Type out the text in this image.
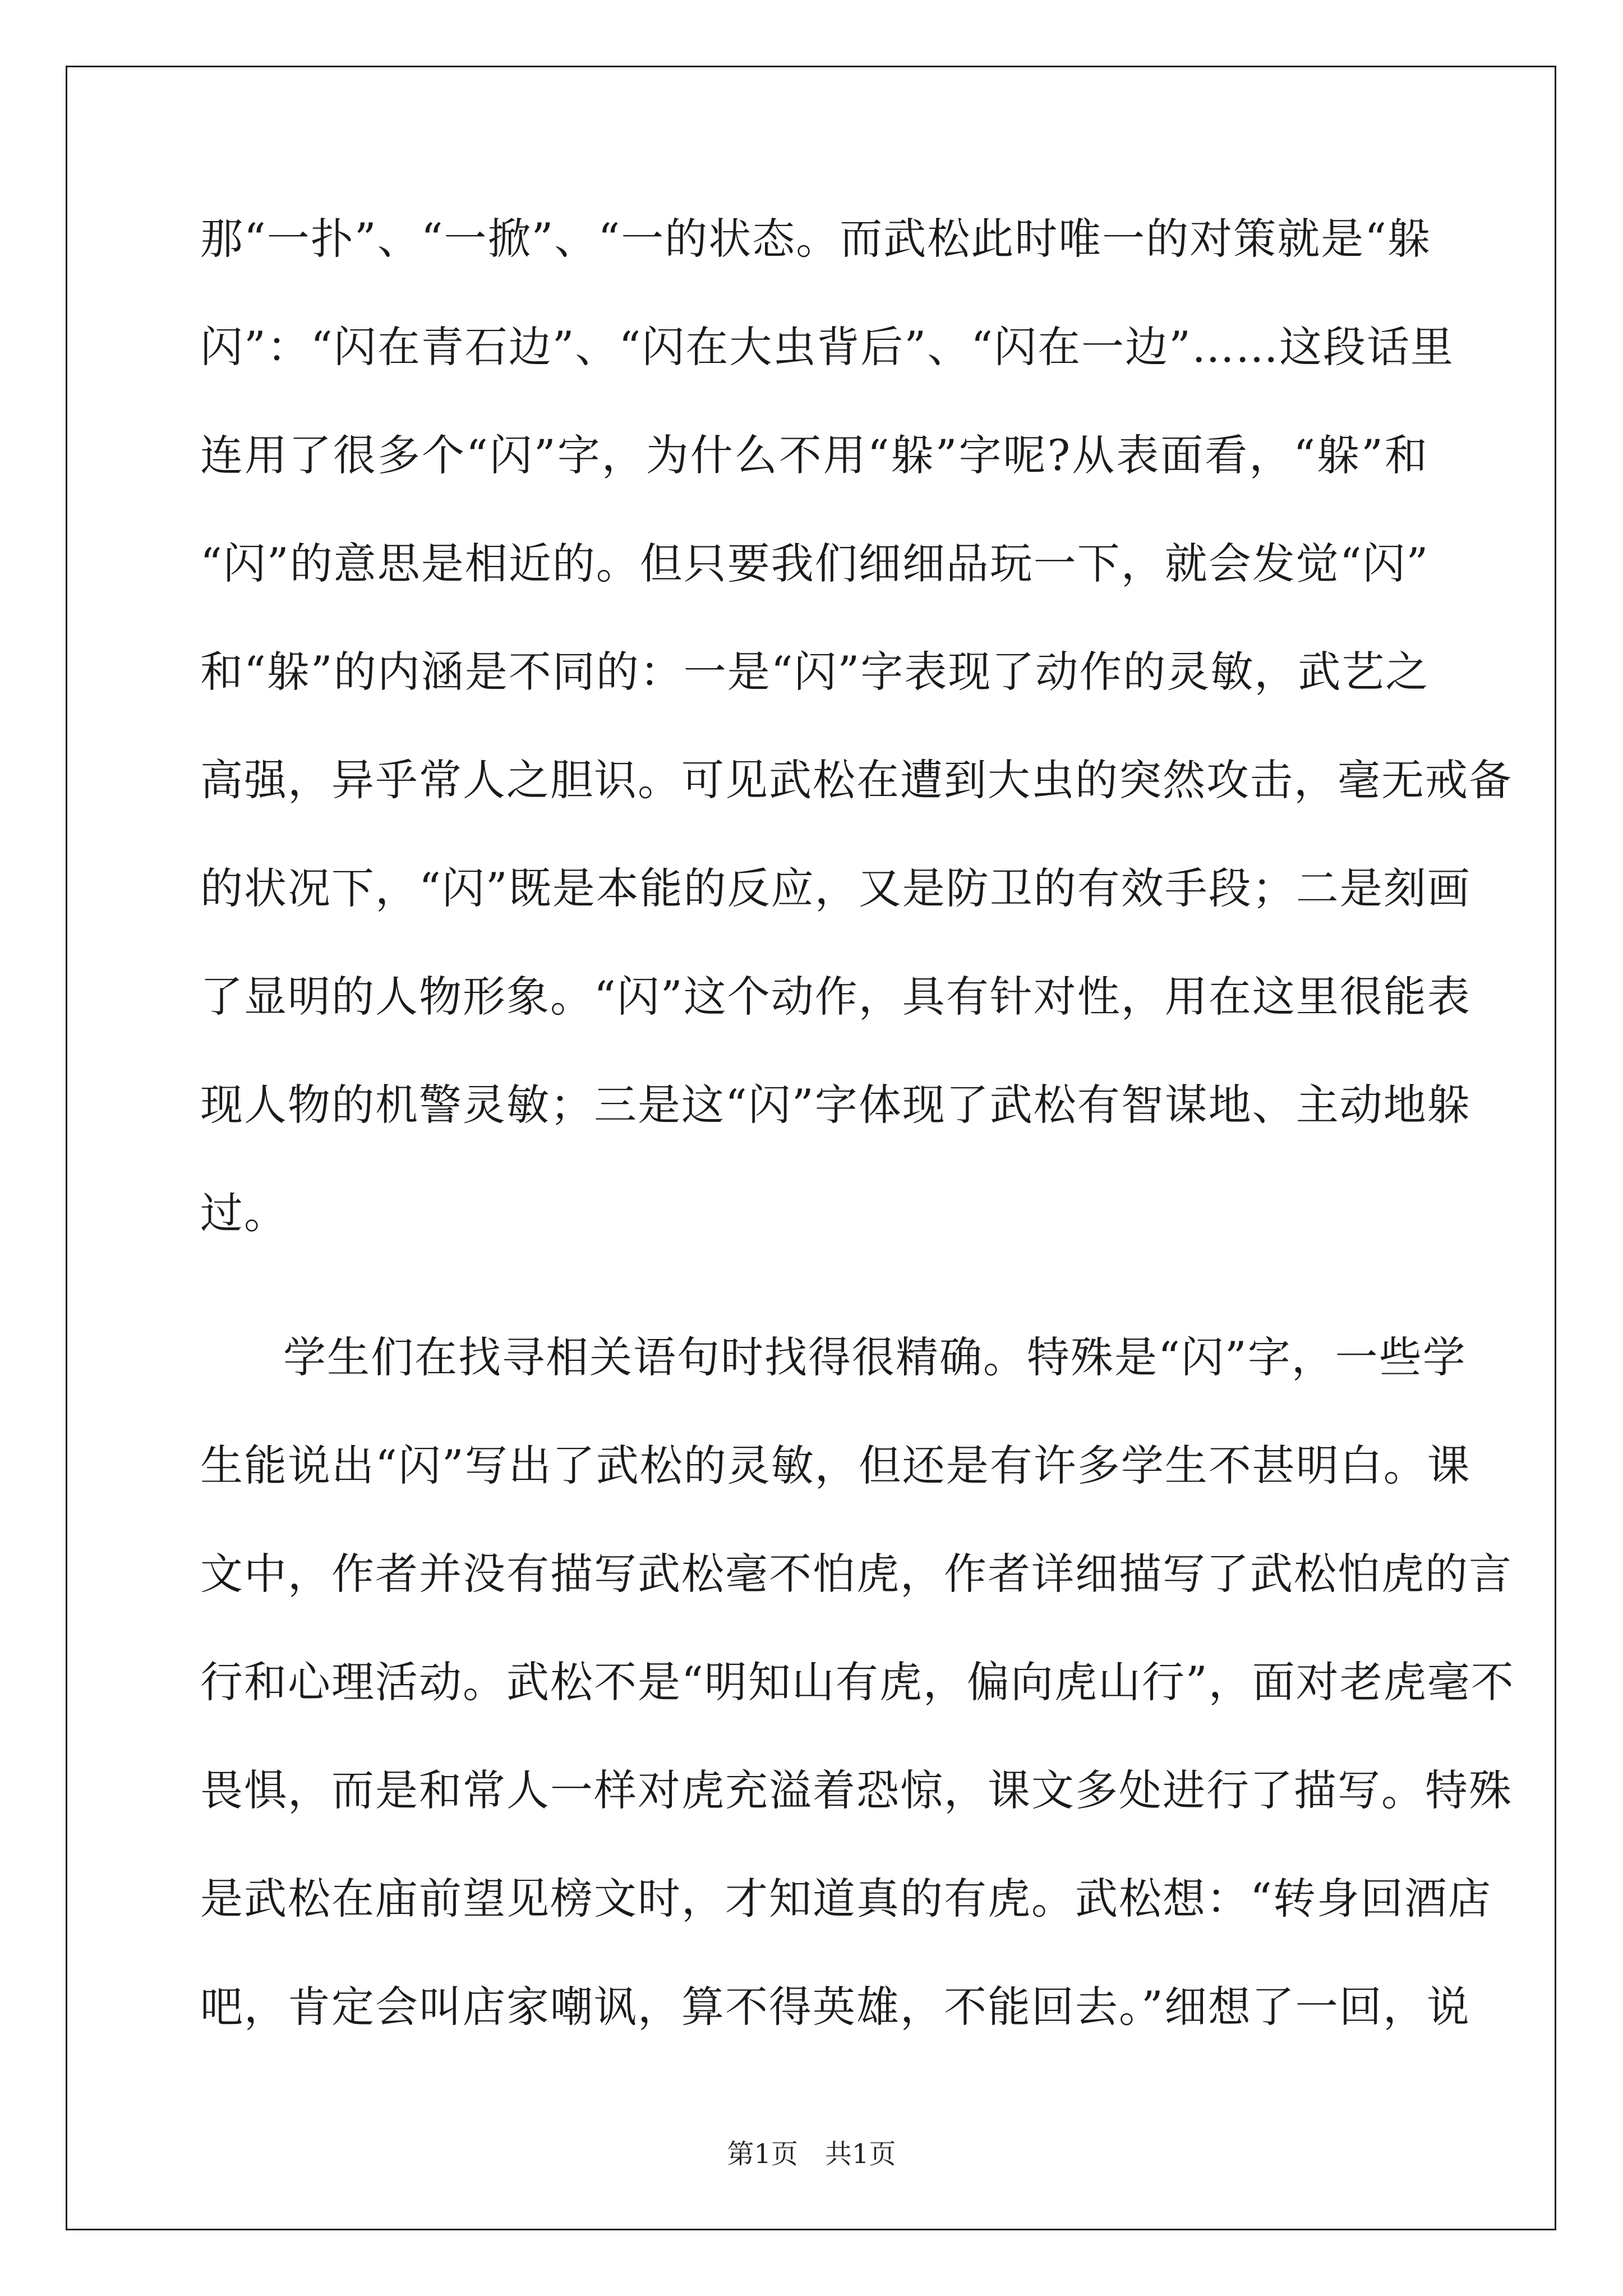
那“一扑”、“一掀”、“一的状态。而武松此时唯一的对策就是“躲
闪”：“闪在青石边”、“闪在大虫背后”、“闪在一边”……这段话里
连用了很多个“闪”字，为什么不用“躲”字呢?从表面看，“躲”和
“闪”的意思是相近的。但只要我们细细品玩一下，就会发觉“闪”
和“躲”的内涵是不同的：一是“闪”字表现了动作的灵敏，武艺之
高强，异乎常人之胆识。可见武松在遭到大虫的突然攻击，毫无戒备
的状况下，“闪”既是本能的反应，又是防卫的有效手段；二是刻画
了显明的人物形象。“闪”这个动作，具有针对性，用在这里很能表
现人物的机警灵敏；三是这“闪”字体现了武松有智谋地、主动地躲
过。
学生们在找寻相关语句时找得很精确。特殊是“闪”字，一些学
生能说出“闪”写出了武松的灵敏，但还是有许多学生不甚明白。课
文中，作者并没有描写武松毫不怕虎，作者详细描写了武松怕虎的言
行和心理活动。武松不是“明知山有虎，偏向虎山行”，面对老虎毫不
畏惧，而是和常人一样对虎充溢着恐惊，课文多处进行了描写。特殊
是武松在庙前望见榜文时，才知道真的有虎。武松想：“转身回酒店
吧，肯定会叫店家嘲讽，算不得英雄，不能回去。”细想了一回，说
第1页　共1页
